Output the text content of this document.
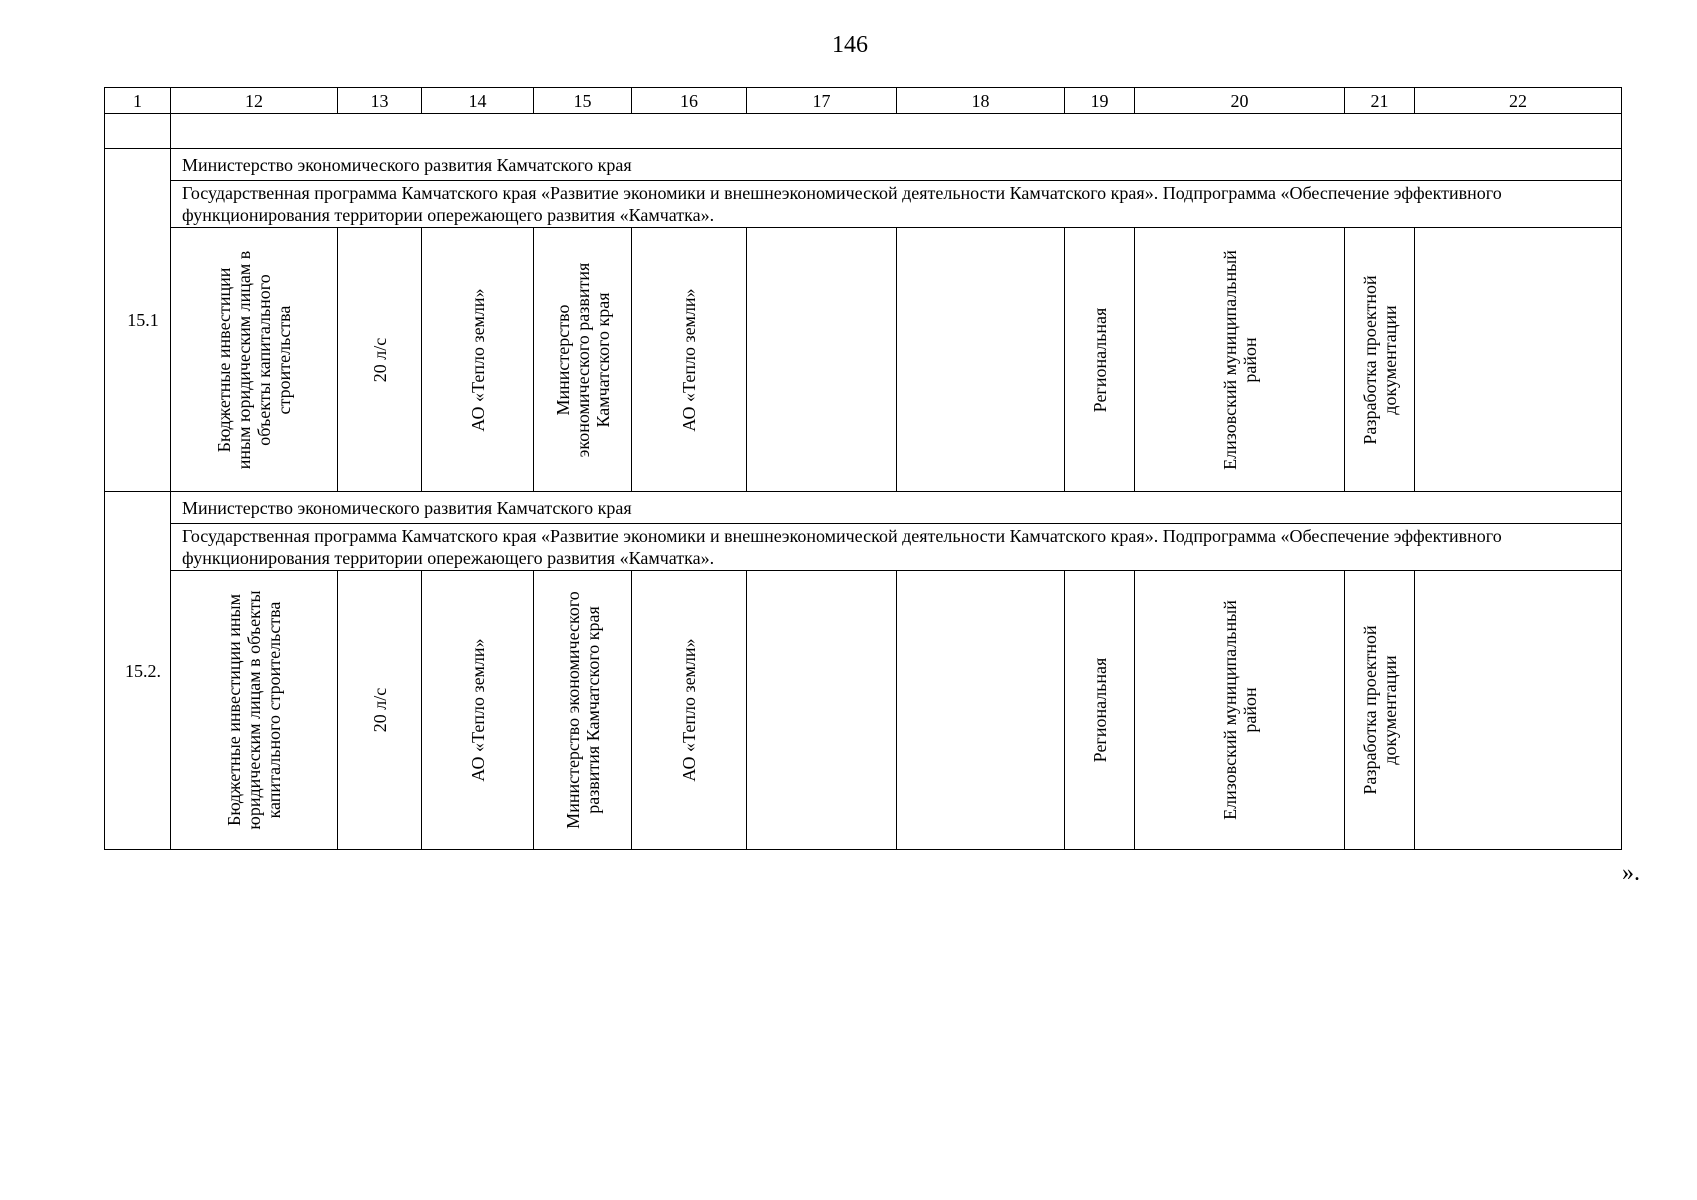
146
1	12	13	14	15	16	17	18	19	20	21	22

15.1	Министерство экономического развития Камчатского края										
	Государственная программа Камчатского края «Развитие экономики и внешнеэкономической деятельности Камчатского края». Подпрограмма «Обеспечение эффективного функционирования территории опережающего развития «Камчатка».										

	Бюджетные инвестиции иным юридическим лицам в объекты капитального строительства	20 л/с	АО «Тепло земли»	Министерство экономического развития Камчатского края	АО «Тепло земли»			Региональная	Елизовский муниципальный район	Разработка проектной документации	

15.2.	Министерство экономического развития Камчатского края										
	Государственная программа Камчатского края «Развитие экономики и внешнеэкономической деятельности Камчатского края». Подпрограмма «Обеспечение эффективного функционирования территории опережающего развития «Камчатка».										

	Бюджетные инвестиции иным юридическим лицам в объекты капитального строительства	20 л/с	АО «Тепло земли»	Министерство экономического развития Камчатского края	АО «Тепло земли»			Региональная	Елизовский муниципальный район	Разработка проектной документации	

».
